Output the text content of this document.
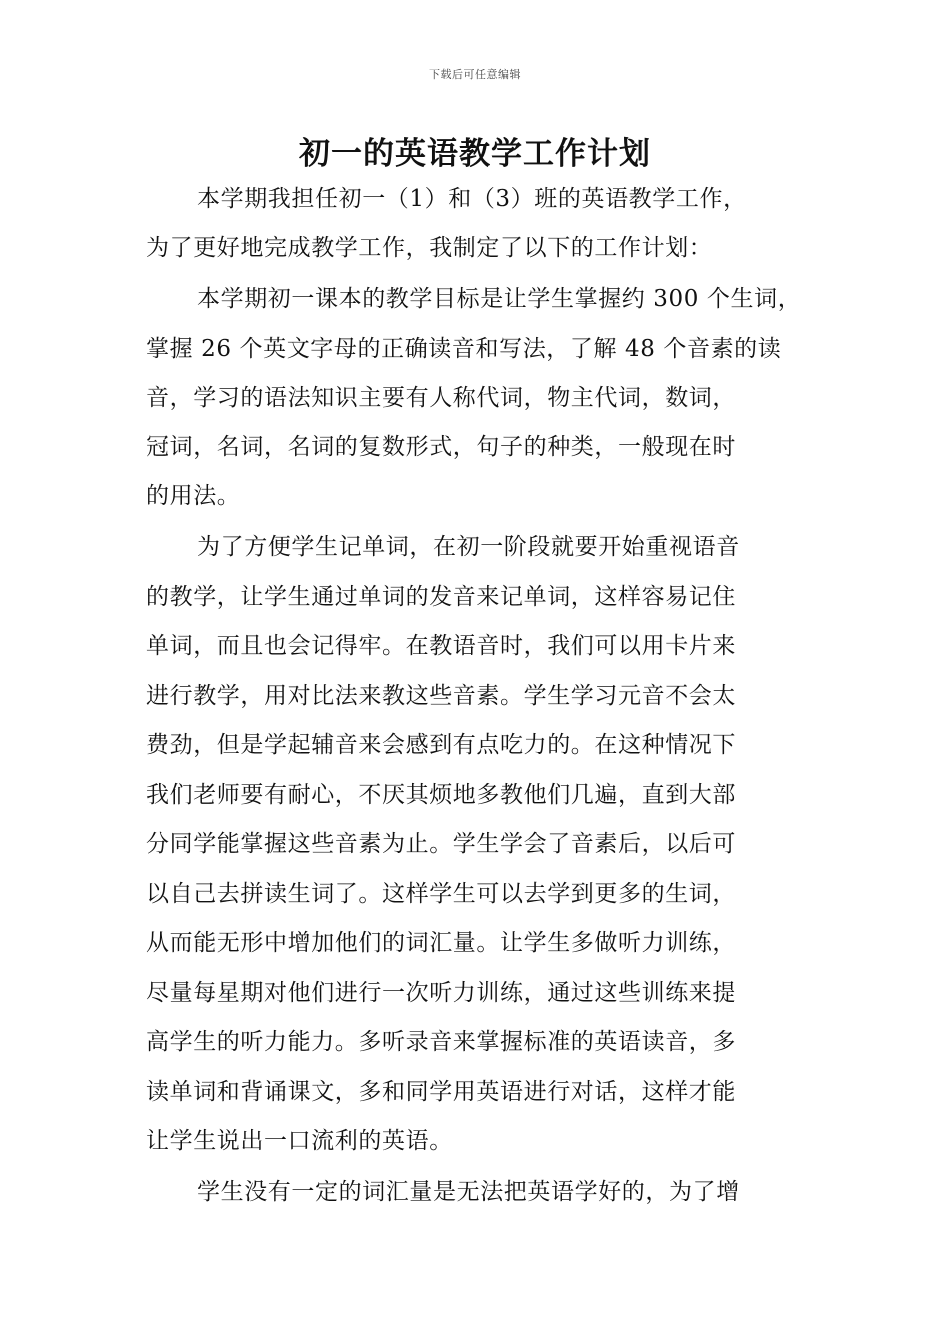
下载后可任意编辑
初一的英语教学工作计划
本学期我担任初一（1）和（3）班的英语教学工作，
为了更好地完成教学工作，我制定了以下的工作计划：
本学期初一课本的教学目标是让学生掌握约 300 个生词，
掌握 26 个英文字母的正确读音和写法，了解 48 个音素的读
音，学习的语法知识主要有人称代词，物主代词，数词，
冠词，名词，名词的复数形式，句子的种类，一般现在时
的用法。
为了方便学生记单词，在初一阶段就要开始重视语音
的教学，让学生通过单词的发音来记单词，这样容易记住
单词，而且也会记得牢。在教语音时，我们可以用卡片来
进行教学，用对比法来教这些音素。学生学习元音不会太
费劲，但是学起辅音来会感到有点吃力的。在这种情况下
我们老师要有耐心，不厌其烦地多教他们几遍，直到大部
分同学能掌握这些音素为止。学生学会了音素后，以后可
以自己去拼读生词了。这样学生可以去学到更多的生词，
从而能无形中增加他们的词汇量。让学生多做听力训练，
尽量每星期对他们进行一次听力训练，通过这些训练来提
高学生的听力能力。多听录音来掌握标准的英语读音，多
读单词和背诵课文，多和同学用英语进行对话，这样才能
让学生说出一口流利的英语。
学生没有一定的词汇量是无法把英语学好的，为了增
